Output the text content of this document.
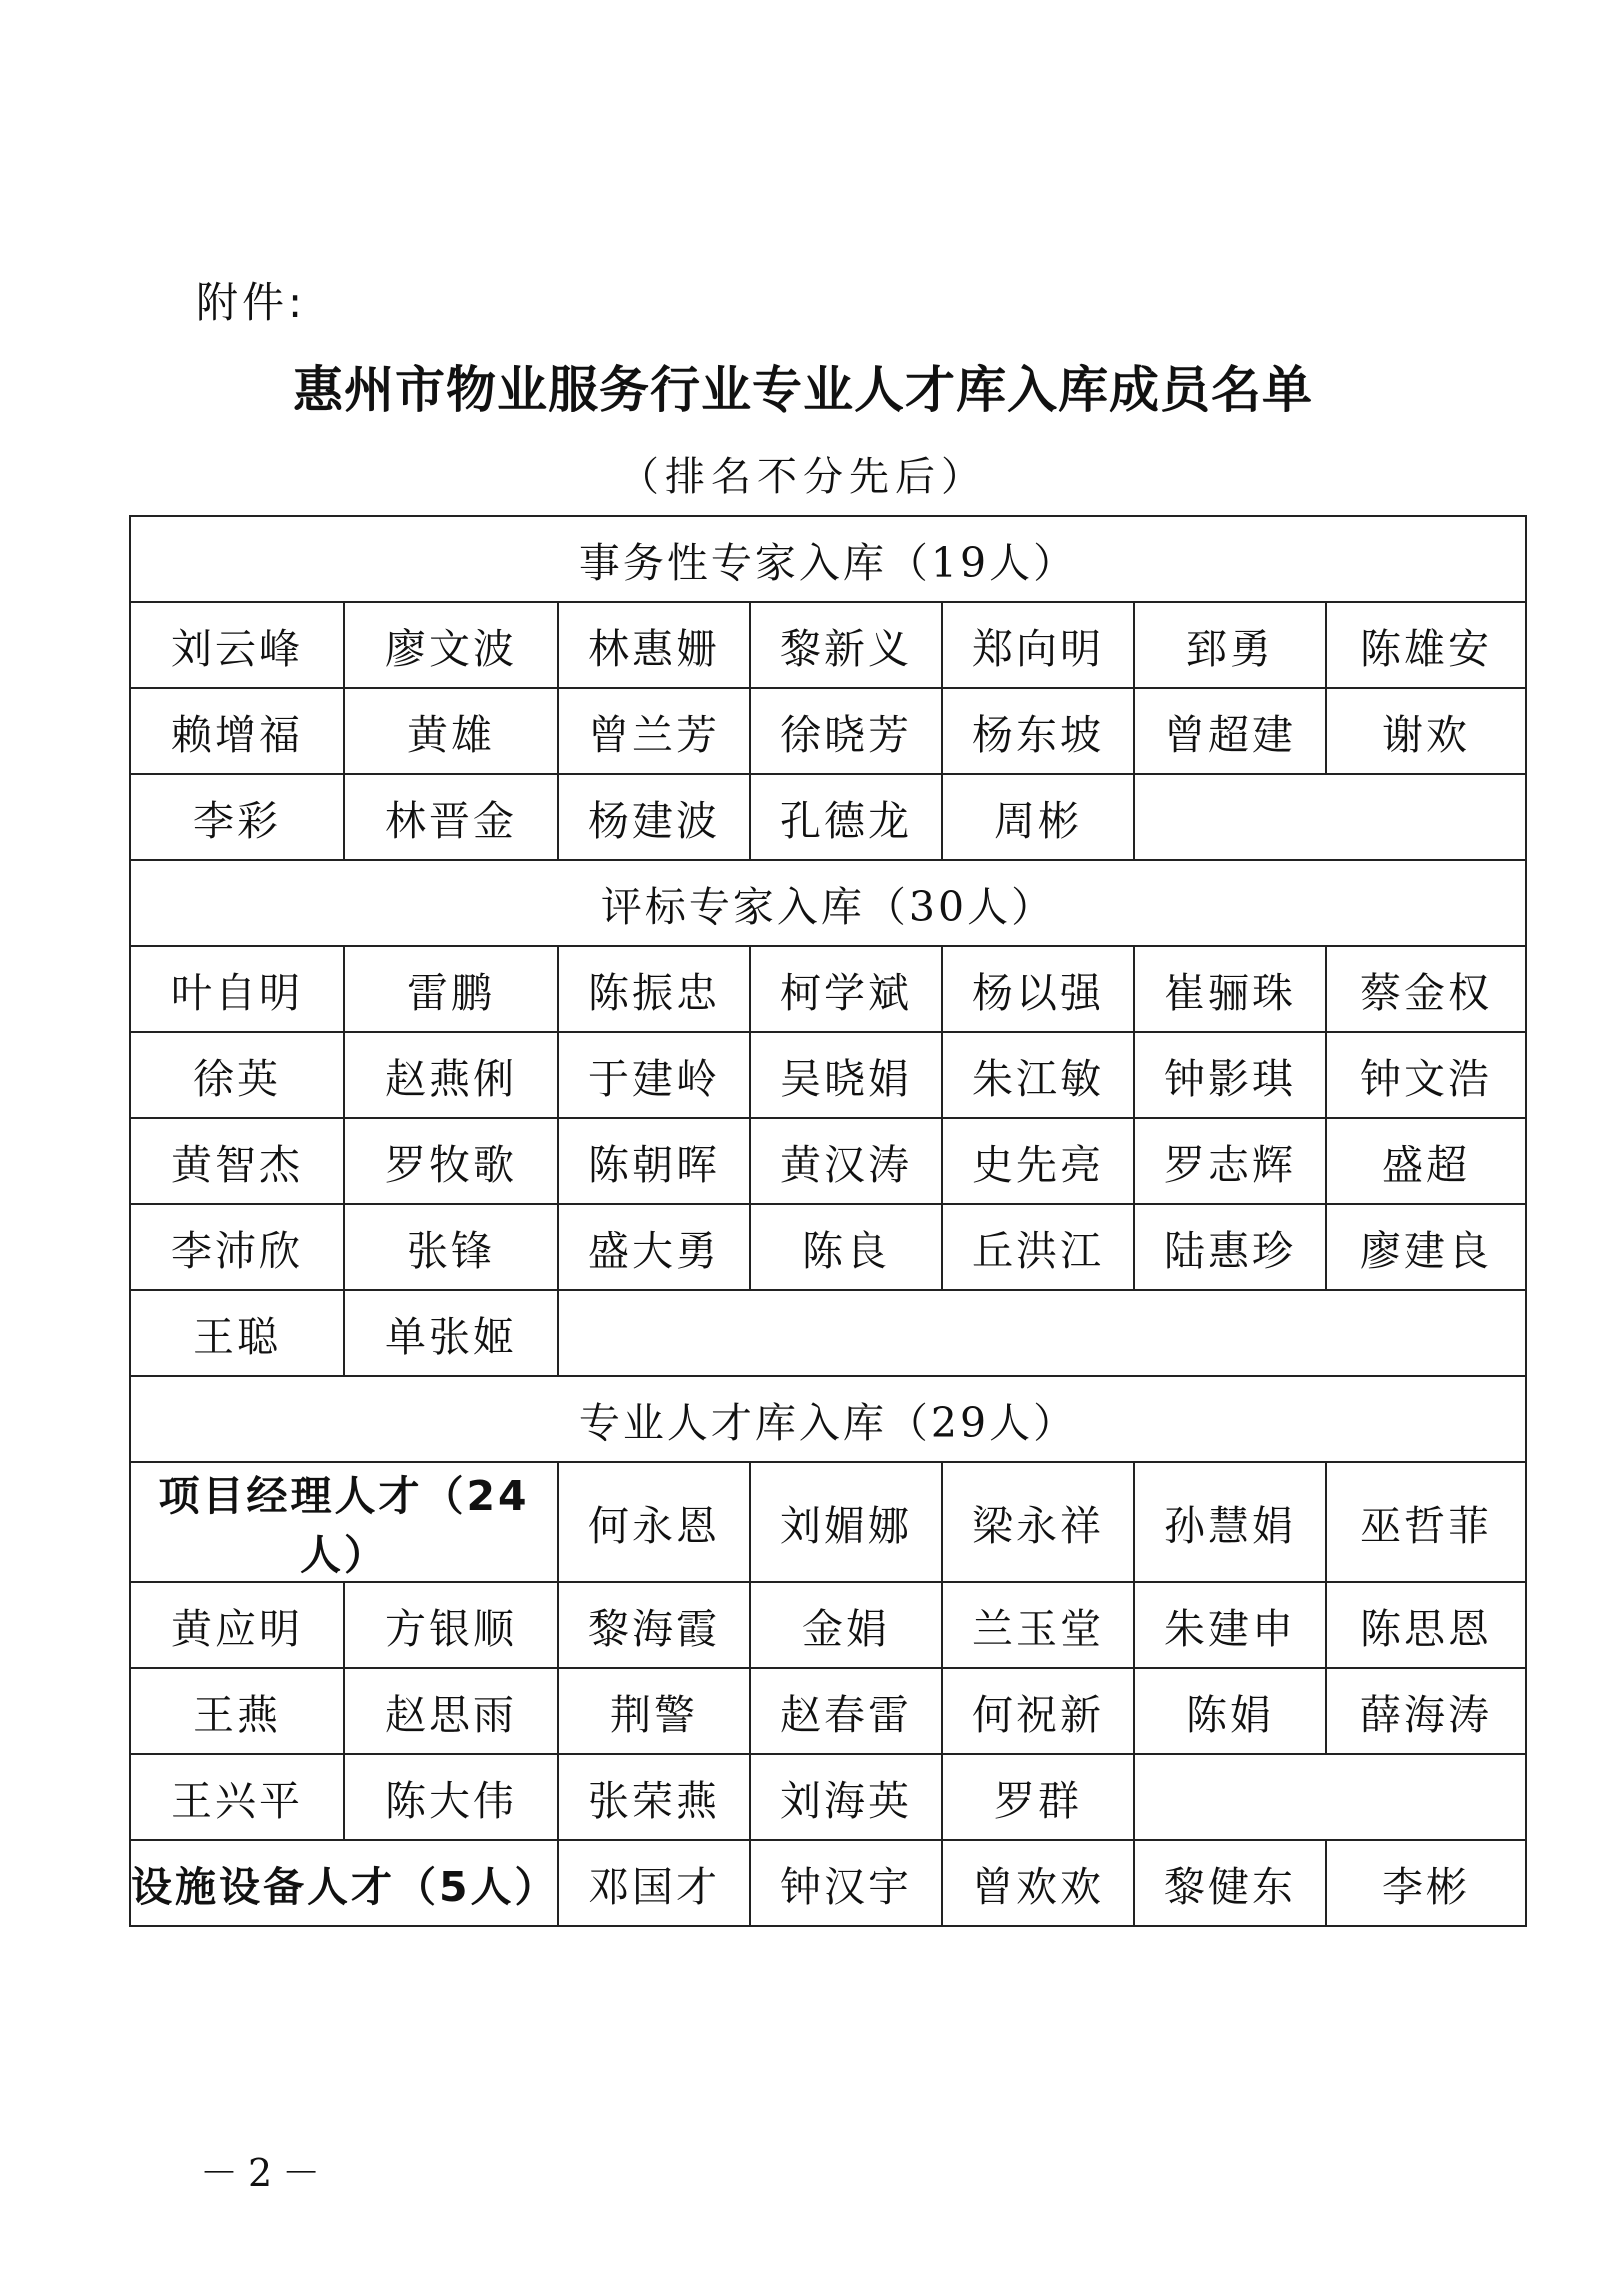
附件:
惠州市物业服务行业专业人才库入库成员名单
（排名不分先后）
事务性专家入库（19人）						
刘云峰	廖文波	林惠姗	黎新义	郑向明	郅勇	陈雄安
赖增福	黄雄	曾兰芳	徐晓芳	杨东坡	曾超建	谢欢
李彩	林晋金	杨建波	孔德龙	周彬		
评标专家入库（30人）						
叶自明	雷鹏	陈振忠	柯学斌	杨以强	崔骊珠	蔡金权
徐英	赵燕俐	于建岭	吴晓娟	朱江敏	钟影琪	钟文浩
黄智杰	罗牧歌	陈朝晖	黄汉涛	史先亮	罗志辉	盛超
李沛欣	张锋	盛大勇	陈良	丘洪江	陆惠珍	廖建良
王聪	单张姬					
专业人才库入库（29人）						
项目经理人才（24人）		何永恩	刘媚娜	梁永祥	孙慧娟	巫哲菲
黄应明	方银顺	黎海霞	金娟	兰玉堂	朱建申	陈思恩
王燕	赵思雨	荆警	赵春雷	何祝新	陈娟	薛海涛
王兴平	陈大伟	张荣燕	刘海英	罗群		
设施设备人才（5人）		邓国才	钟汉宇	曾欢欢	黎健东	李彬
－2－
